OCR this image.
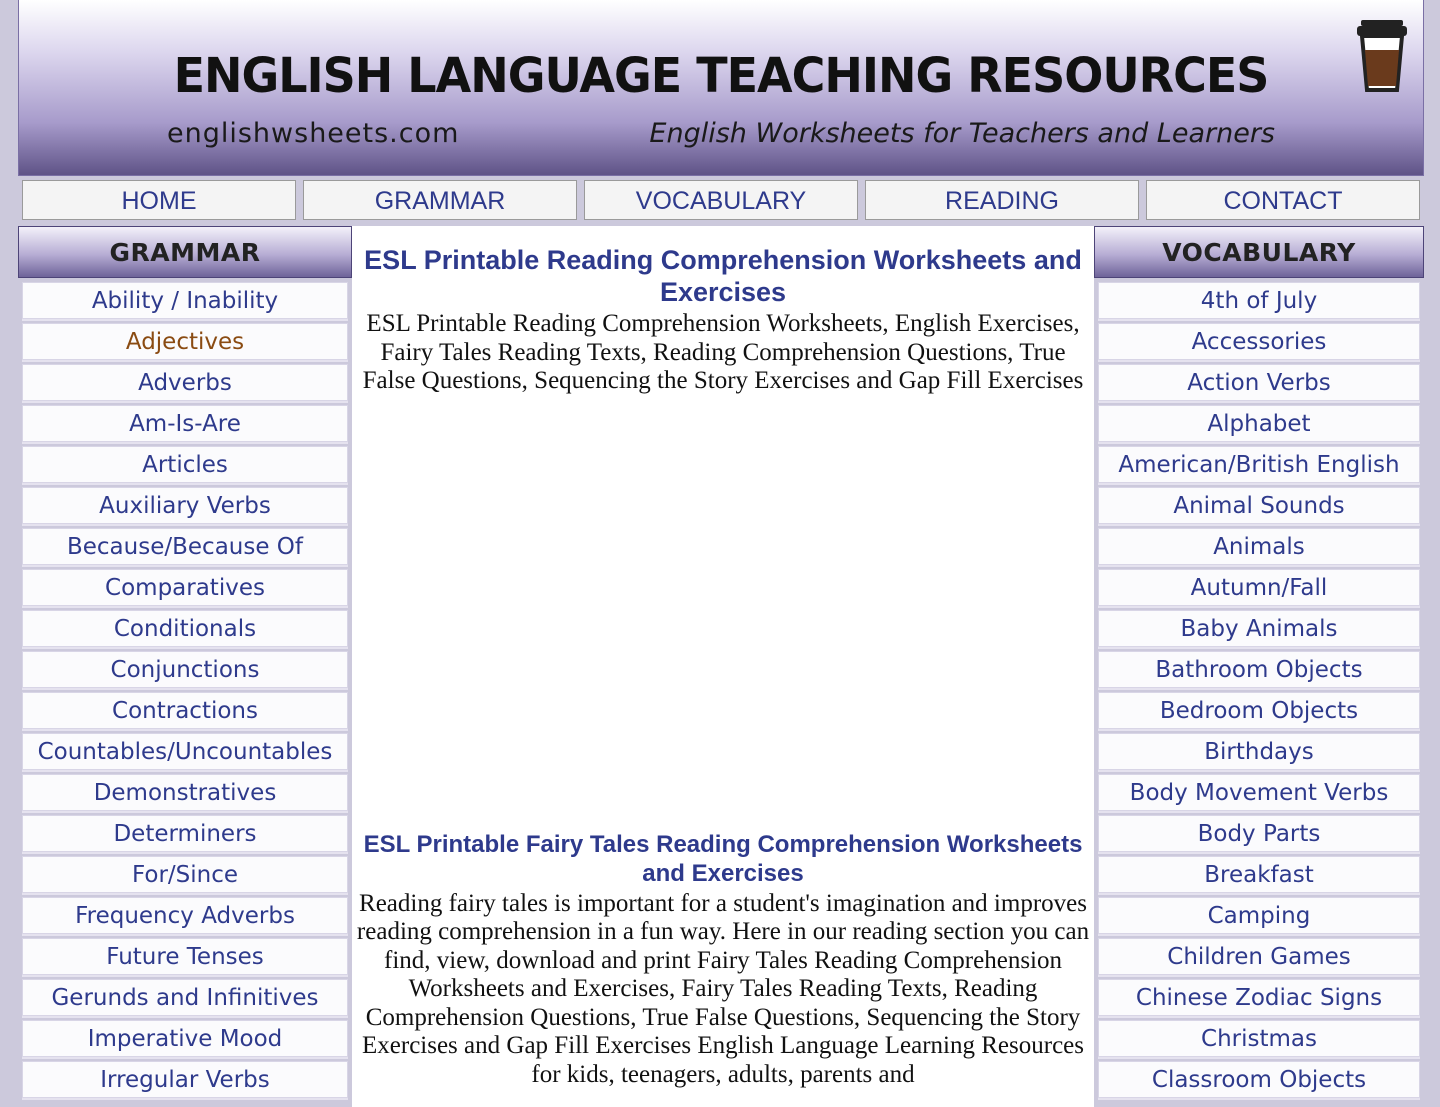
ENGLISH LANGUAGE TEACHING RESOURCES
englishwsheets.com	English Worksheets for Teachers and Learners
HOME	GRAMMAR	VOCABULARY	READING	CONTACT
GRAMMAR
Ability / Inability
Adjectives
Adverbs
Am-Is-Are
Articles
Auxiliary Verbs
Because/Because Of
Comparatives
Conditionals
Conjunctions
Contractions
Countables/Uncountables
Demonstratives
Determiners
For/Since
Frequency Adverbs
Future Tenses
Gerunds and Infinitives
Imperative Mood
Irregular Verbs
ESL Printable Reading Comprehension Worksheets and Exercises
ESL Printable Reading Comprehension Worksheets, English Exercises, Fairy Tales Reading Texts, Reading Comprehension Questions, True False Questions, Sequencing the Story Exercises and Gap Fill Exercises
ESL Printable Fairy Tales Reading Comprehension Worksheets and Exercises
Reading fairy tales is important for a student's imagination and improves reading comprehension in a fun way. Here in our reading section you can find, view, download and print Fairy Tales Reading Comprehension Worksheets and Exercises, Fairy Tales Reading Texts, Reading Comprehension Questions, True False Questions, Sequencing the Story Exercises and Gap Fill Exercises English Language Learning Resources for kids, teenagers, adults, parents and
VOCABULARY
4th of July
Accessories
Action Verbs
Alphabet
American/British English
Animal Sounds
Animals
Autumn/Fall
Baby Animals
Bathroom Objects
Bedroom Objects
Birthdays
Body Movement Verbs
Body Parts
Breakfast
Camping
Children Games
Chinese Zodiac Signs
Christmas
Classroom Objects
